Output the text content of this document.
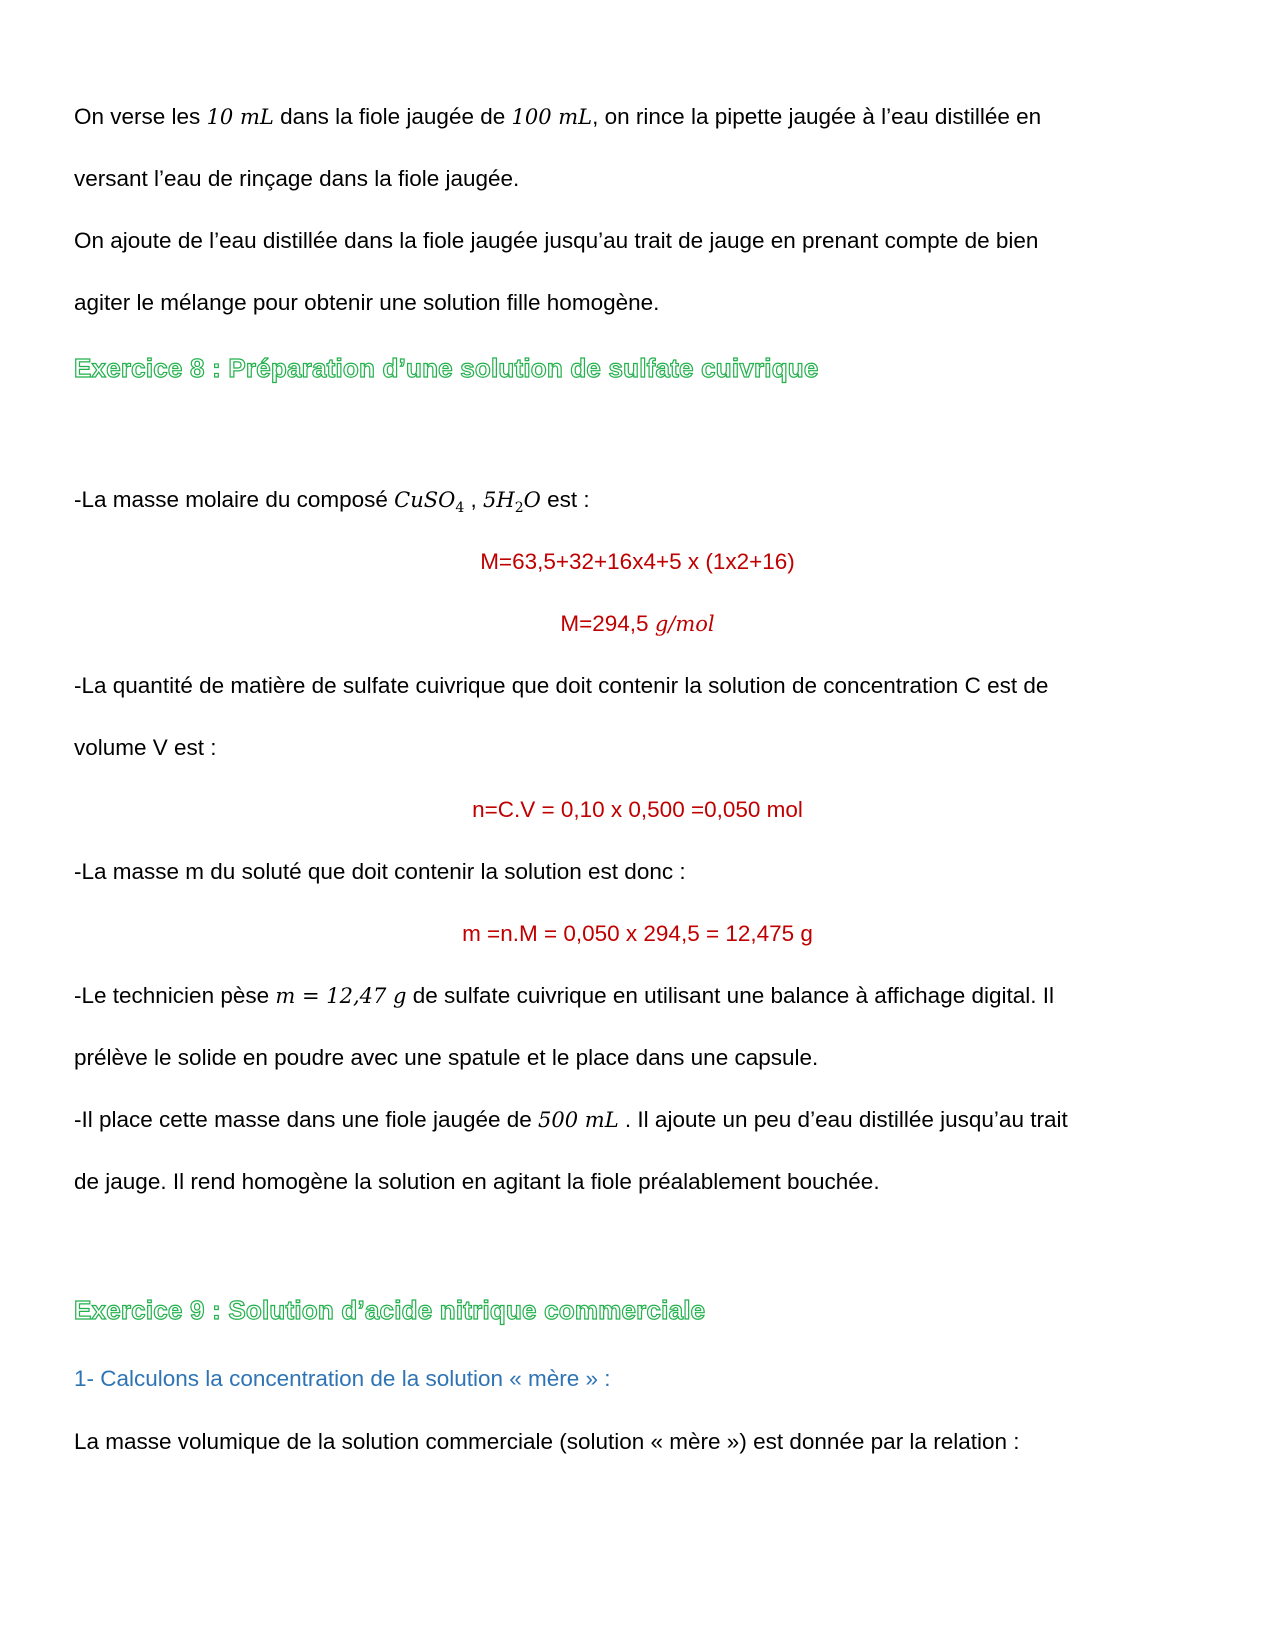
On verse les 10 mL dans la fiole jaugée de 100 mL, on rince la pipette jaugée à l’eau distillée en
versant l’eau de rinçage dans la fiole jaugée.
On ajoute de l’eau distillée dans la fiole jaugée jusqu’au trait de jauge en prenant compte de bien
agiter le mélange pour obtenir une solution fille homogène.
Exercice 8 : Préparation d’une solution de sulfate cuivrique
-La masse molaire du composé CuSO$_4$ , $5H_2O$ est :
M=63,5+32+16x4+5 x (1x2+16)
M=294,5 g/mol
-La quantité de matière de sulfate cuivrique que doit contenir la solution de concentration C est de
volume V est :
n=C.V = 0,10 x 0,500 =0,050 mol
-La masse m du soluté que doit contenir la solution est donc :
m =n.M = 0,050 x 294,5 = 12,475 g
-Le technicien pèse m = 12,47 g de sulfate cuivrique en utilisant une balance à affichage digital. Il
prélève le solide en poudre avec une spatule et le place dans une capsule.
-Il place cette masse dans une fiole jaugée de 500 mL . Il ajoute un peu d’eau distillée jusqu’au trait
de jauge. Il rend homogène la solution en agitant la fiole préalablement bouchée.
Exercice 9 : Solution d’acide nitrique commerciale
1- Calculons la concentration de la solution « mère » :
La masse volumique de la solution commerciale (solution « mère ») est donnée par la relation :
